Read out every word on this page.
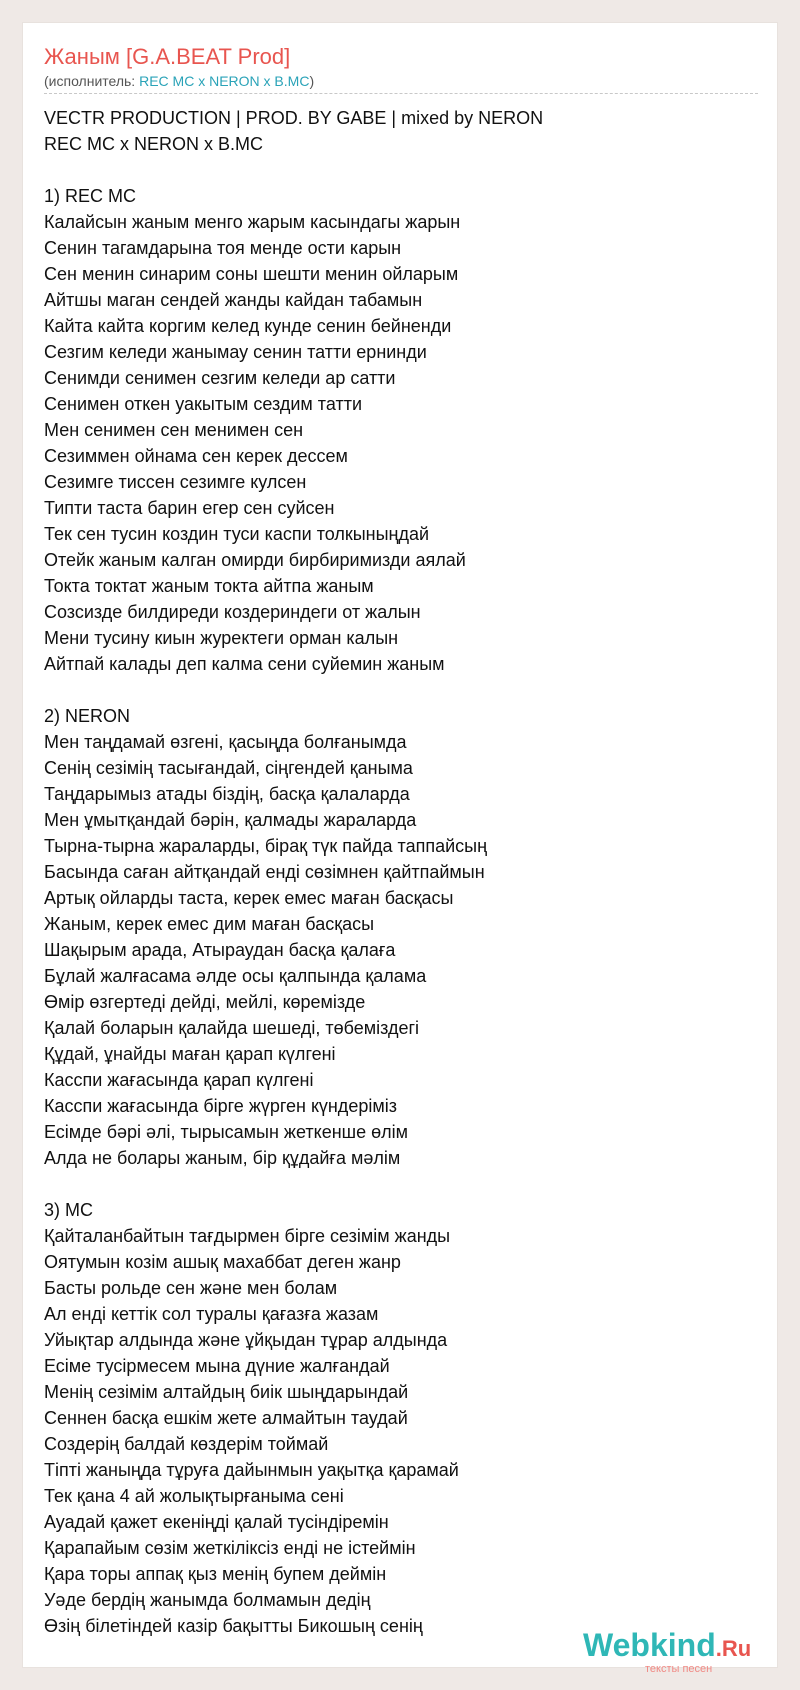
Жаным [G.A.BEAT Prod]
(исполнитель: REC MC x NERON x B.MC)
VECTR PRODUCTION | PROD. BY GABE | mixed by NERON
REC MC x NERON x B.MC
1) REC MC
Калайсын жаным менго жарым касындагы жарын
Сенин тагамдарына тоя менде ости карын
Сен менин синарим соны шешти менин ойларым
Айтшы маган сендей жанды кайдан табамын
Кайта кайта коргим келед кунде сенин бейненди
Сезгим келеди жанымау сенин татти ернинди
Сенимди сенимен сезгим келеди ар сатти
Сенимен откен уакытым сездим татти
Мен сенимен сен менимен сен
Сезиммен ойнама сен керек дессем
Сезимге тиссен сезимге кулсен
Типти таста барин егер сен суйсен
Тек сен тусин коздин туси каспи толкыныңдай
Отейк жаным калган омирди бирбиримизди аялай
Токта токтат жаным токта айтпа жаным
Созсизде билдиреди коздериндеги от жалын
Мени тусину киын журектеги орман калын
Айтпай калады деп калма сени суйемин жаным
2) NERON
Мен таңдамай өзгені, қасыңда болғанымда
Сенің сезімің тасығандай, сіңгендей қаныма
Таңдарымыз атады біздің, басқа қалаларда
Мен ұмытқандай бәрін, қалмады жараларда
Тырна-тырна жараларды, бірақ түк пайда таппайсың
Басында саған айтқандай енді сөзімнен қайтпаймын
Артық ойларды таста, керек емес маған басқасы
Жаным, керек емес дим маған басқасы
Шақырым арада, Атыраудан басқа қалаға
Бұлай жалғасама әлде осы қалпында қалама
Өмір өзгертеді дейді, мейлі, көремізде
Қалай боларын қалайда шешеді, төбеміздегі
Құдай, ұнайды маған қарап күлгені
Касспи жағасында қарап күлгені
Касспи жағасында бірге жүрген күндеріміз
Есімде бәрі әлі, тырысамын жеткенше өлім
Алда не болары жаным, бір құдайға мәлім
3) MC
Қайталанбайтын тағдырмен бірге сезімім жанды
Оятумын козім ашық махаббат деген жанр
Басты рольде сен және мен болам
Ал енді кеттік сол туралы қағазға жазам
Уйықтар алдында және ұйқыдан тұрар алдында
Есіме тусірмесем мына дүние жалғандай
Менің сезімім алтайдың биік шыңдарындай
Сеннен басқа ешкім жете алмайтын таудай
Создерің балдай көздерім тоймай
Тіпті жаныңда тұруға дайынмын уақытқа қарамай
Тек қана 4 ай жолықтырғаныма сені
Ауадай қажет екеніңді қалай тусіндіремін
Қарапайым сөзім жеткіліксіз енді не істеймін
Қара торы аппақ қыз менің бупем деймін
Уәде бердің жанымда болмамын дедің
Өзің білетіндей казір бақытты Бикошың сенің
Webkind.Ru
тексты песен
